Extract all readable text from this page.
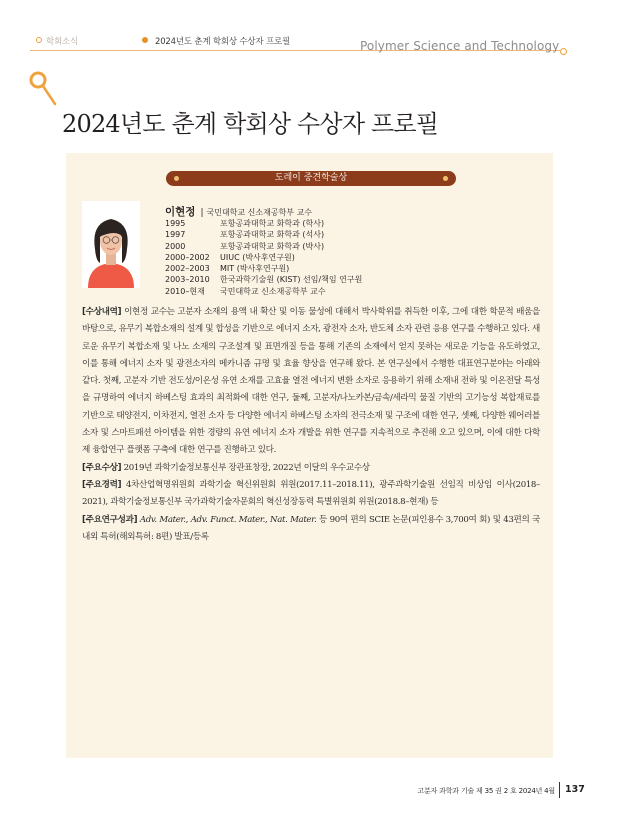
학회소식	2024년도 춘계 학회상 수상자 프로필	Polymer Science and Technology
2024년도 춘계 학회상 수상자 프로필
도레이 중견학술상
이현정 | 국민대학교 신소재공학부 교수
1995	포항공과대학교 화학과 (학사)
1997	포항공과대학교 화학과 (석사)
2000	포항공과대학교 화학과 (박사)
2000–2002	UIUC (박사후연구원)
2002–2003	MIT (박사후연구원)
2003–2010	한국과학기술원 (KIST) 선임/책임 연구원
2010–현재	국민대학교 신소재공학부 교수

[수상내역] 이현정 교수는 고분자 소재의 용액 내 확산 및 이동 물성에 대해서 박사학위를 취득한 이후, 그에 대한 학문적 배움을 바탕으로, 유무기 복합소재의 설계 및 합성을 기반으로 에너지 소자, 광전자 소자, 반도체 소자 관련 응용 연구를 수행하고 있다. 새로운 유무기 복합소재 및 나노 소재의 구조설계 및 표면개질 등을 통해 기존의 소재에서 얻지 못하는 새로운 기능을 유도하였고, 이를 통해 에너지 소자 및 광전소자의 메카니즘 규명 및 효율 향상을 연구해 왔다. 본 연구실에서 수행한 대표연구분야는 아래와 같다. 첫째, 고분자 기반 전도성/이온성 유연 소재를 고효율 열전 에너지 변환 소자로 응용하기 위해 소재내 전하 및 이온전달 특성을 규명하여 에너지 하베스팅 효과의 최적화에 대한 연구, 둘째, 고분자/나노카본/금속/세라믹 물질 기반의 고기능성 복합재료를 기반으로 태양전지, 이차전지, 열전 소자 등 다양한 에너지 하베스팅 소자의 전극소재 및 구조에 대한 연구, 셋째, 다양한 웨어러블 소자 및 스마트패션 아이템을 위한 경량의 유연 에너지 소자 개발을 위한 연구를 지속적으로 추진해 오고 있으며, 이에 대한 다학제 융합연구 플랫폼 구축에 대한 연구를 진행하고 있다.

[주요수상] 2019년 과학기술정보통신부 장관표창장, 2022년 이달의 우수교수상

[주요경력] 4차산업혁명위원회 과학기술 혁신위원회 위원(2017.11–2018.11), 광주과학기술원 선임직 비상임 이사(2018–2021), 과학기술정보통신부 국가과학기술자문회의 혁신성장동력 특별위원회 위원(2018.8–현재) 등

[주요연구성과] Adv. Mater., Adv. Funct. Mater., Nat. Mater. 등 90여 편의 SCIE 논문(피인용수 3,700여 회) 및 43편의 국내외 특허(해외특허: 8편) 발표/등록

고분자 과학과 기술 제 35 권 2 호 2024년 4월 137
